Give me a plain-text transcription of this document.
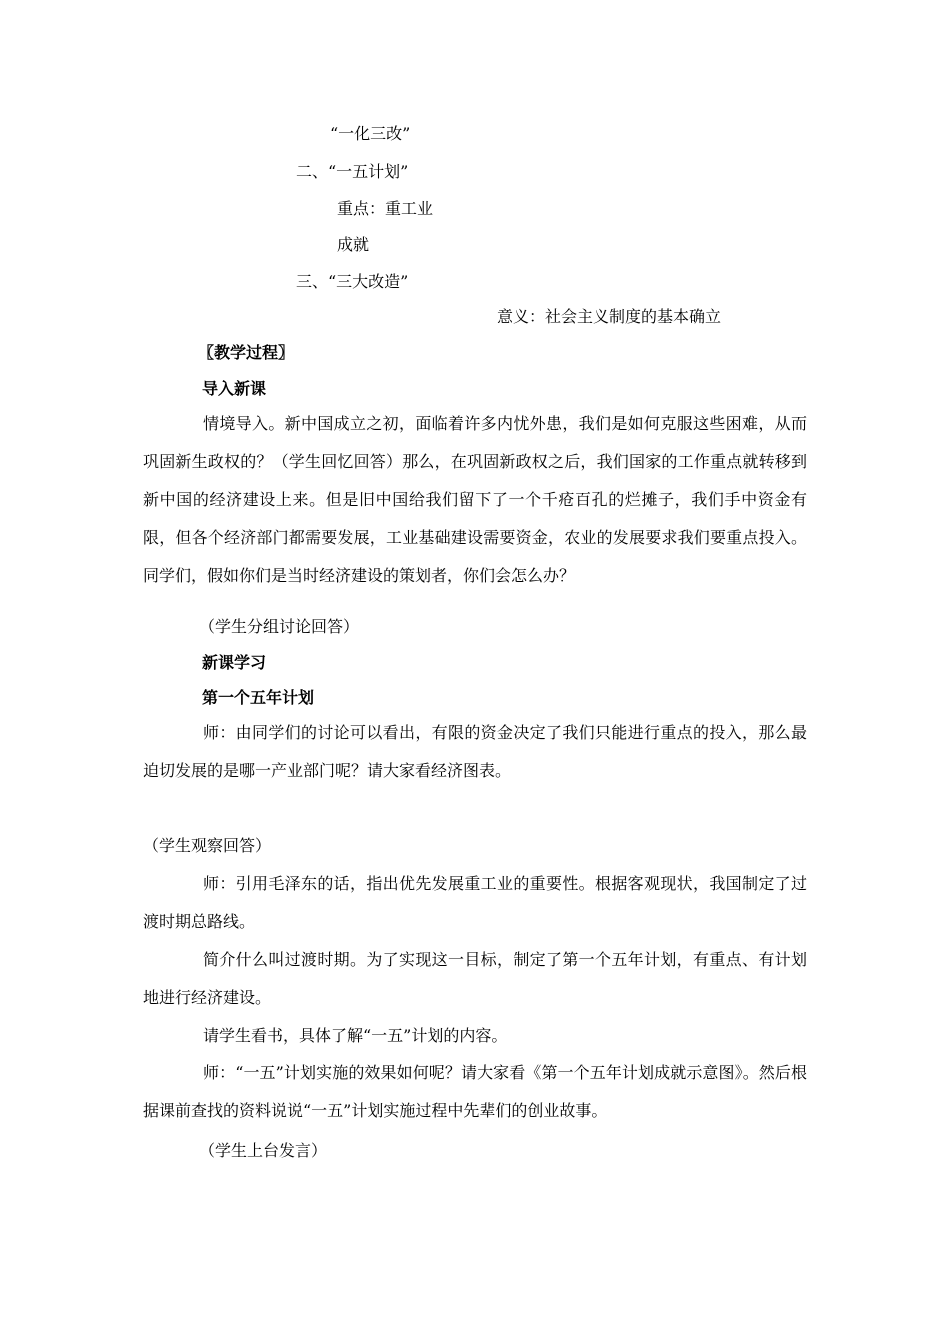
“一化三改”
二、“一五计划”
重点：重工业
成就
三、“三大改造”
意义：社会主义制度的基本确立
〖教学过程〗
导入新课
情境导入。新中国成立之初，面临着许多内忧外患，我们是如何克服这些困难，从而巩固新生政权的？（学生回忆回答）那么，在巩固新政权之后，我们国家的工作重点就转移到新中国的经济建设上来。但是旧中国给我们留下了一个千疮百孔的烂摊子，我们手中资金有限，但各个经济部门都需要发展，工业基础建设需要资金，农业的发展要求我们要重点投入。同学们，假如你们是当时经济建设的策划者，你们会怎么办？
（学生分组讨论回答）
新课学习
第一个五年计划
师：由同学们的讨论可以看出，有限的资金决定了我们只能进行重点的投入，那么最迫切发展的是哪一产业部门呢？请大家看经济图表。
（学生观察回答）
师：引用毛泽东的话，指出优先发展重工业的重要性。根据客观现状，我国制定了过渡时期总路线。
简介什么叫过渡时期。为了实现这一目标，制定了第一个五年计划，有重点、有计划地进行经济建设。
请学生看书，具体了解“一五”计划的内容。
师：“一五”计划实施的效果如何呢？请大家看《第一个五年计划成就示意图》。然后根据课前查找的资料说说“一五”计划实施过程中先辈们的创业故事。
（学生上台发言）
